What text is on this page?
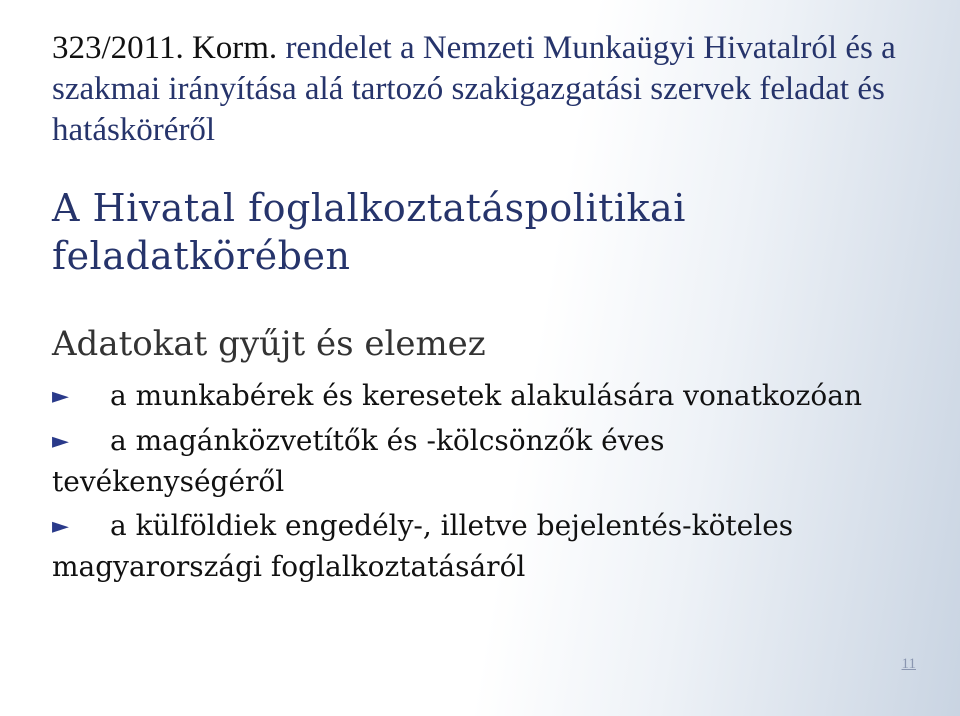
323/2011. Korm. rendelet a Nemzeti Munkaügyi Hivatalról és a szakmai irányítása alá tartozó szakigazgatási szervek feladat és hatásköréről
A Hivatal foglalkoztatáspolitikai feladatkörében
Adatokat gyűjt és elemez
► a munkabérek és keresetek alakulására vonatkozóan
► a magánközvetítők és -kölcsönzők éves tevékenységéről
► a külföldiek engedély-, illetve bejelentés-köteles magyarországi foglalkoztatásáról
11
